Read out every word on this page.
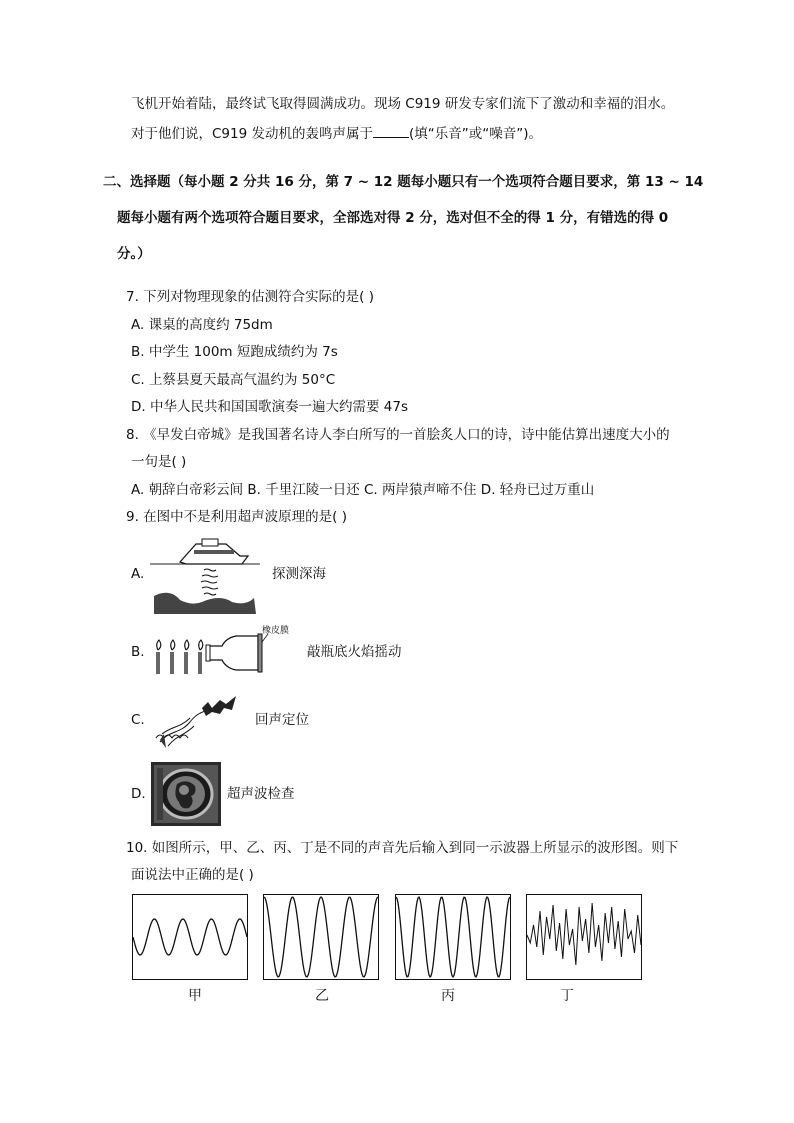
飞机开始着陆，最终试飞取得圆满成功。现场 C919 研发专家们流下了激动和幸福的泪水。
对于他们说，C919 发动机的轰鸣声属于	(填“乐音”或“噪音”)。
二、选择题（每小题 2 分共 16 分，第 7 ~ 12 题每小题只有一个选项符合题目要求，第 13 ~ 14
题每小题有两个选项符合题目要求，全部选对得 2 分，选对但不全的得 1 分，有错选的得 0
分。）
7. 下列对物理现象的估测符合实际的是( )
A. 课桌的高度约 75dm
B. 中学生 100m 短跑成绩约为 7s
C. 上蔡县夏天最高气温约为 50°C
D. 中华人民共和国国歌演奏一遍大约需要 47s
8. 《早发白帝城》是我国著名诗人李白所写的一首脍炙人口的诗，诗中能估算出速度大小的
一句是( )
A. 朝辞白帝彩云间 B. 千里江陵一日还 C. 两岸猿声啼不住 D. 轻舟已过万重山
9. 在图中不是利用超声波原理的是( )
A.	探测深海
B.
橡皮膜
敲瓶底火焰摇动
C.	回声定位
D.	超声波检查
10. 如图所示，甲、乙、丙、丁是不同的声音先后输入到同一示波器上所显示的波形图。则下
面说法中正确的是( )
甲	乙	丙	丁
